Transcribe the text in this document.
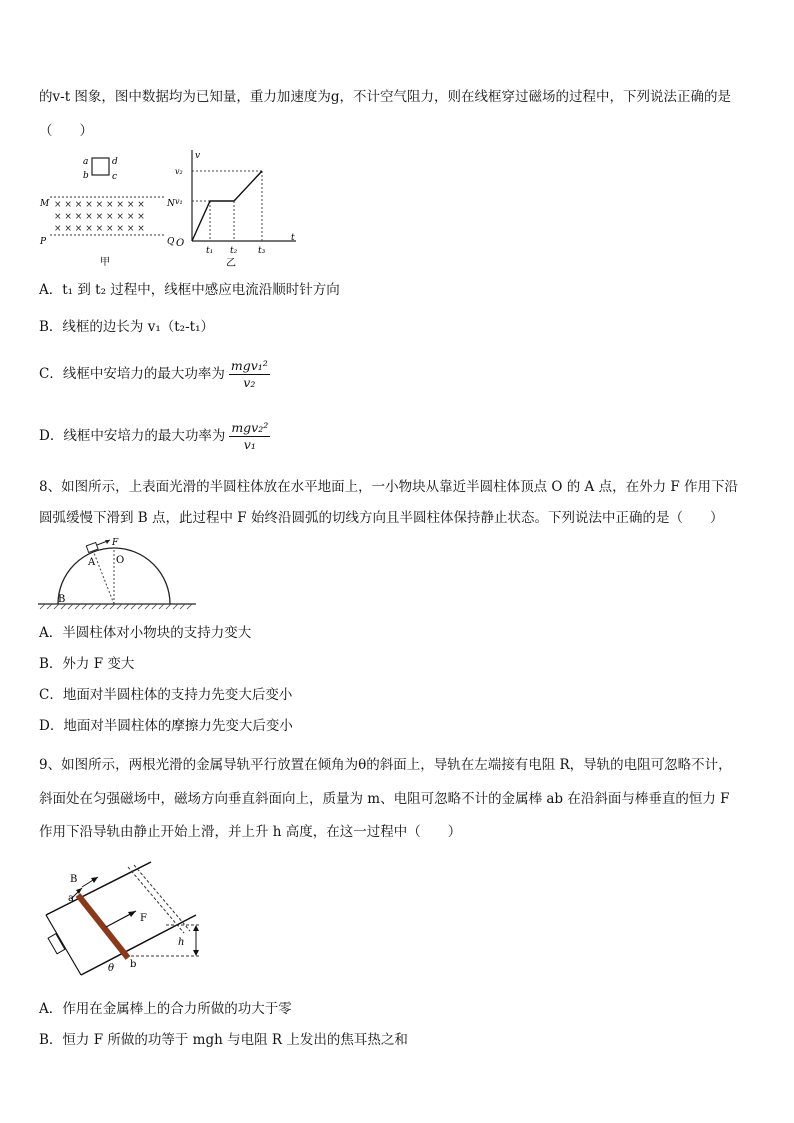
的v-t 图象，图中数据均为已知量，重力加速度为g，不计空气阻力，则在线框穿过磁场的过程中，下列说法正确的是
（　　）
a	d
b	c
M	N
P	Q
× × × × × × × × ×
× × × × × × × × ×
× × × × × × × × ×
甲
v
t
O
v₂
v₁
t₁ t₂ t₃
乙
A．t₁ 到 t₂ 过程中，线框中感应电流沿顺时针方向
B．线框的边长为 v₁（t₂-t₁）
C．线框中安培力的最大功率为 $\frac{\text{mgv₁²}}{\text{v₂}}$
D．线框中安培力的最大功率为 $\frac{\text{mgv₂²}}{\text{v₁}}$
8、如图所示，上表面光滑的半圆柱体放在水平地面上，一小物块从靠近半圆柱体顶点 O 的 A 点，在外力 F 作用下沿
圆弧缓慢下滑到 B 点，此过程中 F 始终沿圆弧的切线方向且半圆柱体保持静止状态。下列说法中正确的是（　　）
F
A O
B
A．半圆柱体对小物块的支持力变大
B．外力 F 变大
C．地面对半圆柱体的支持力先变大后变小
D．地面对半圆柱体的摩擦力先变大后变小
9、如图所示，两根光滑的金属导轨平行放置在倾角为θ的斜面上，导轨在左端接有电阻 R，导轨的电阻可忽略不计，
斜面处在匀强磁场中，磁场方向垂直斜面向上，质量为 m、电阻可忽略不计的金属棒 ab 在沿斜面与棒垂直的恒力 F
作用下沿导轨由静止开始上滑，并上升 h 高度，在这一过程中（　　）
h
B
F
a
b
θ
A．作用在金属棒上的合力所做的功大于零
B．恒力 F 所做的功等于 mgh 与电阻 R 上发出的焦耳热之和
